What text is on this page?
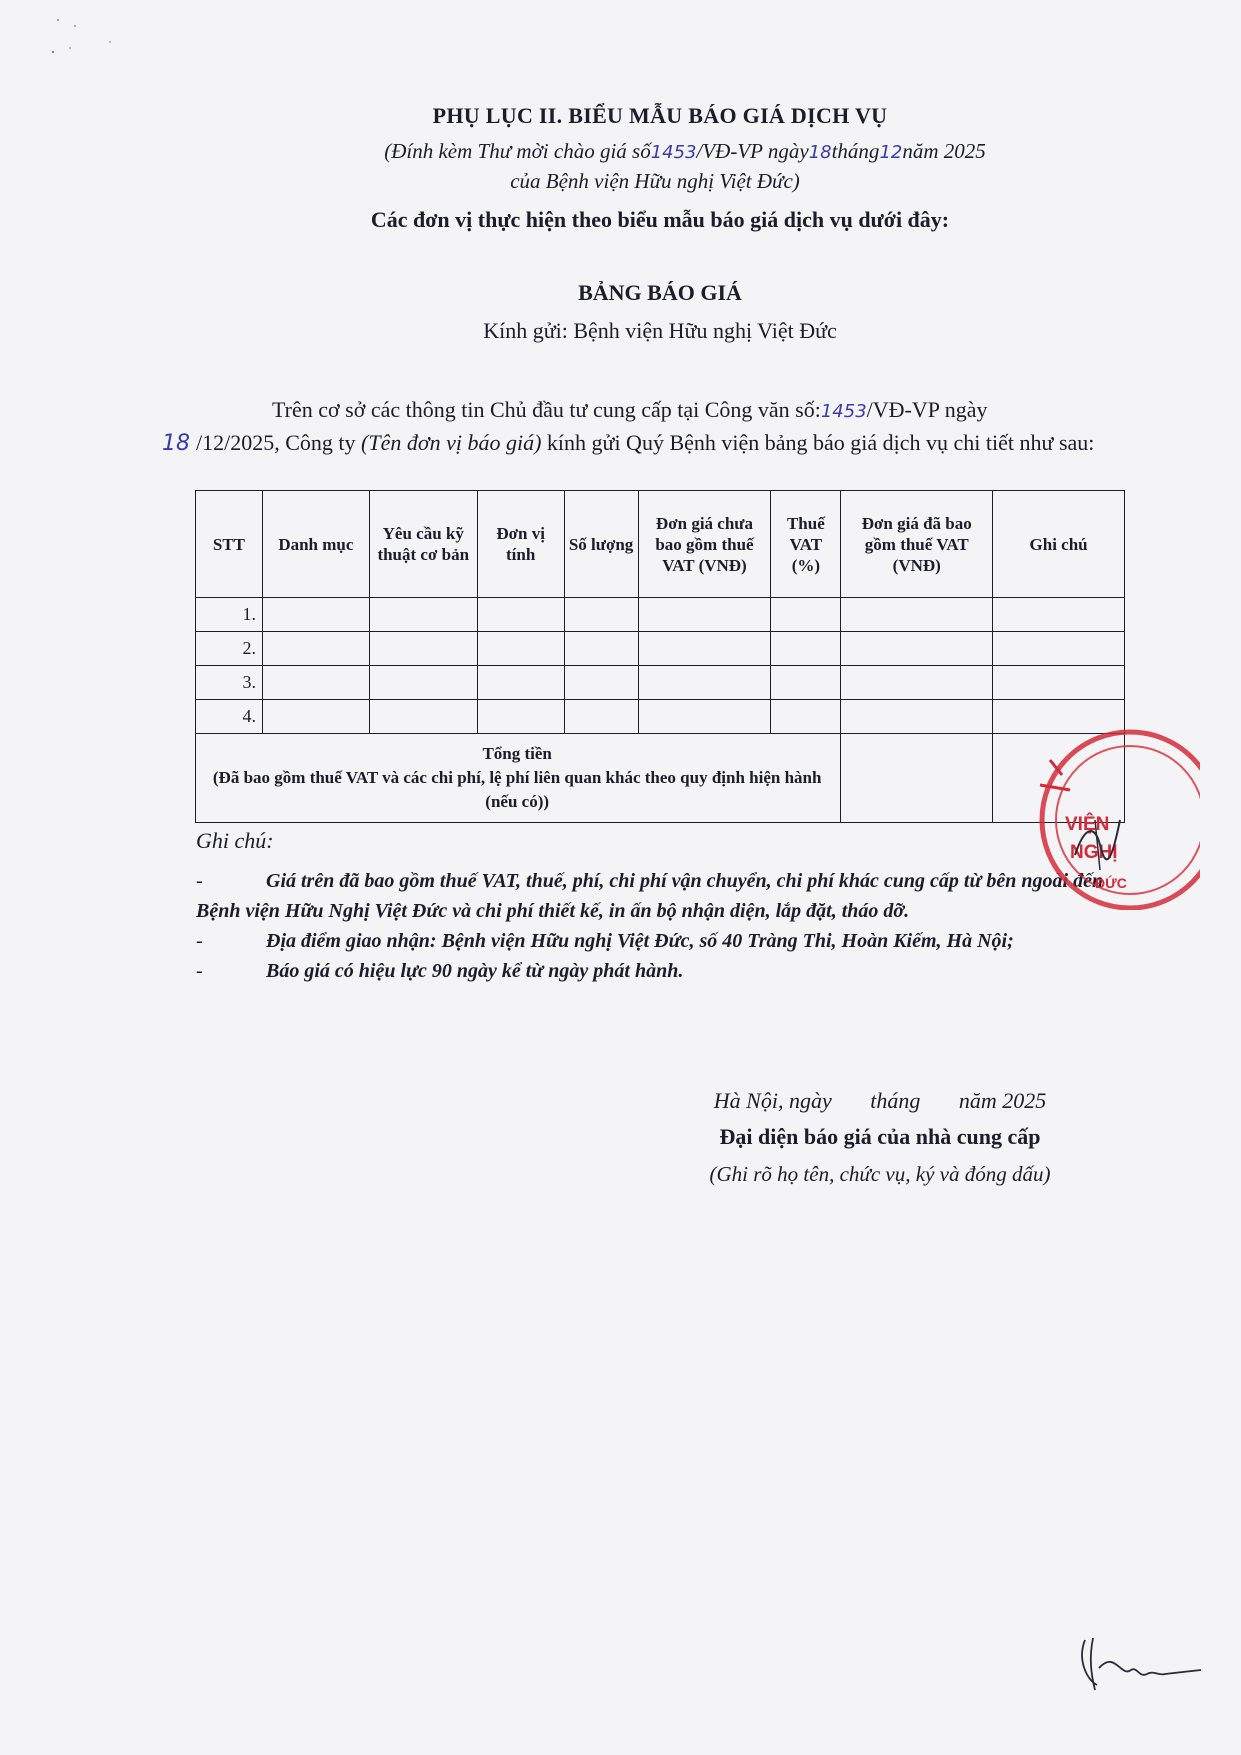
PHỤ LỤC II. BIỂU MẪU BÁO GIÁ DỊCH VỤ
(Đính kèm Thư mời chào giá số1453/VĐ-VP ngày18tháng12năm 2025
của Bệnh viện Hữu nghị Việt Đức)
Các đơn vị thực hiện theo biểu mẫu báo giá dịch vụ dưới đây:
BẢNG BÁO GIÁ
Kính gửi: Bệnh viện Hữu nghị Việt Đức

Trên cơ sở các thông tin Chủ đầu tư cung cấp tại Công văn số:1453/VĐ-VP ngày

18 /12/2025, Công ty (Tên đơn vị báo giá) kính gửi Quý Bệnh viện bảng báo giá dịch vụ chi tiết như sau:

STT	Danh mục	Yêu cầu kỹ thuật cơ bản	Đơn vị tính	Số lượng	Đơn giá chưa bao gồm thuế VAT (VNĐ)	Thuế VAT (%)	Đơn giá đã bao gồm thuế VAT (VNĐ)	Ghi chú
1.								
2.								
3.								
4.								

Tổng tiền
(Đã bao gồm thuế VAT và các chi phí, lệ phí liên quan khác theo quy định hiện hành (nếu có))								

Ghi chú:
-	Giá trên đã bao gồm thuế VAT, thuế, phí, chi phí vận chuyển, chi phí khác cung cấp từ bên ngoài đến Bệnh viện Hữu Nghị Việt Đức và chi phí thiết kế, in ấn bộ nhận diện, lắp đặt, tháo dỡ.
-	Địa điểm giao nhận: Bệnh viện Hữu nghị Việt Đức, số 40 Tràng Thi, Hoàn Kiếm, Hà Nội;
-	Báo giá có hiệu lực 90 ngày kể từ ngày phát hành.
Hà Nội, ngày       tháng       năm 2025
Đại diện báo giá của nhà cung cấp
(Ghi rõ họ tên, chức vụ, ký và đóng dấu)
VIỆN
NGHỊ
ĐỨC
